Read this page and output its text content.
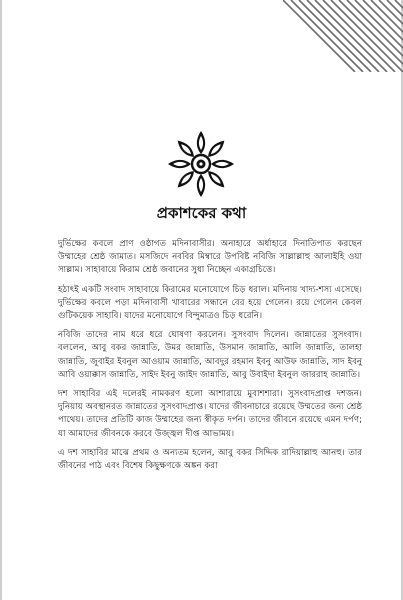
প্রকাশকের কথা

দুর্ভিক্ষের কবলে প্রাণ ওষ্ঠাগত মদিনাবাসীর। অনাহারে অর্ধাহারে দিনাতিপাত করছেন উম্মাহের শ্রেষ্ঠ জামাত। মসজিদে নববির মিম্বারে উপবিষ্ট নবিজি সাল্লাল্লাহু আলাইহি ওয়া সাল্লাম। সাহাবায়ে কিরাম শ্রেষ্ঠ জবানের সুধা নিচ্ছেন একাগ্রচিত্তে।

হঠাৎই একটি সংবাদ সাহাবায়ে কিরামের মনোযোগে চিড় ধরাল। মদিনায় খাদ্য-শস্য এসেছে। দুর্ভিক্ষের কবলে পড়া মদিনাবাসী খাবারের সন্ধানে বের হয়ে গেলেন। রয়ে গেলেন কেবল গুটিকয়েক সাহাবি। যাদের মনোযোগে বিন্দুমাত্রও চিড় ধরেনি।

নবিজি তাদের নাম ধরে ধরে ঘোষণা করলেন। সুসংবাদ দিলেন। জান্নাতের সুসংবাদ। বললেন, আবু বকর জান্নাতি, উমর জান্নাতি, উসমান জান্নাতি, আলি জান্নাতি, তালহা জান্নাতি, জুবাইর ইবনুল আওয়াম জান্নাতি, আবদুর রহমান ইবনু আউফ জান্নাতি, সাদ ইবনু আবি ওয়াক্কাস জান্নাতি, সাইদ ইবনু জাইদ জান্নাতি, আবু উবাইদা ইবনুল জাররাহ জান্নাতি।

দশ সাহাবির এই দলেরই নামকরণ হলো আশারায়ে মুবাশশারা। সুসংবাদপ্রাপ্ত দশজন। দুনিয়ায় অবস্থানরত জান্নাতের সুসংবাদপ্রাপ্ত। যাদের জীবনাচারে রয়েছে উম্মতের জন্য শ্রেষ্ঠ পাথেয়। তাদের প্রতিটি কাজ উম্মাহের জন্য স্বীকৃত দর্পন। তাদের জীবনে রয়েছে এমন দর্পণ; যা আমাদের জীবনকে করবে উজ্জ্বল দীপ্ত আভাময়।

এ দশ সাহাবির মাঝে প্রথম ও অন্যতম হলেন, আবু বকর সিদ্দিক রাদিয়াল্লাহু আনহু। তার জীবনের পাঠ এবং বিশেষ কিছুক্ষণকে অঙ্কন করা
